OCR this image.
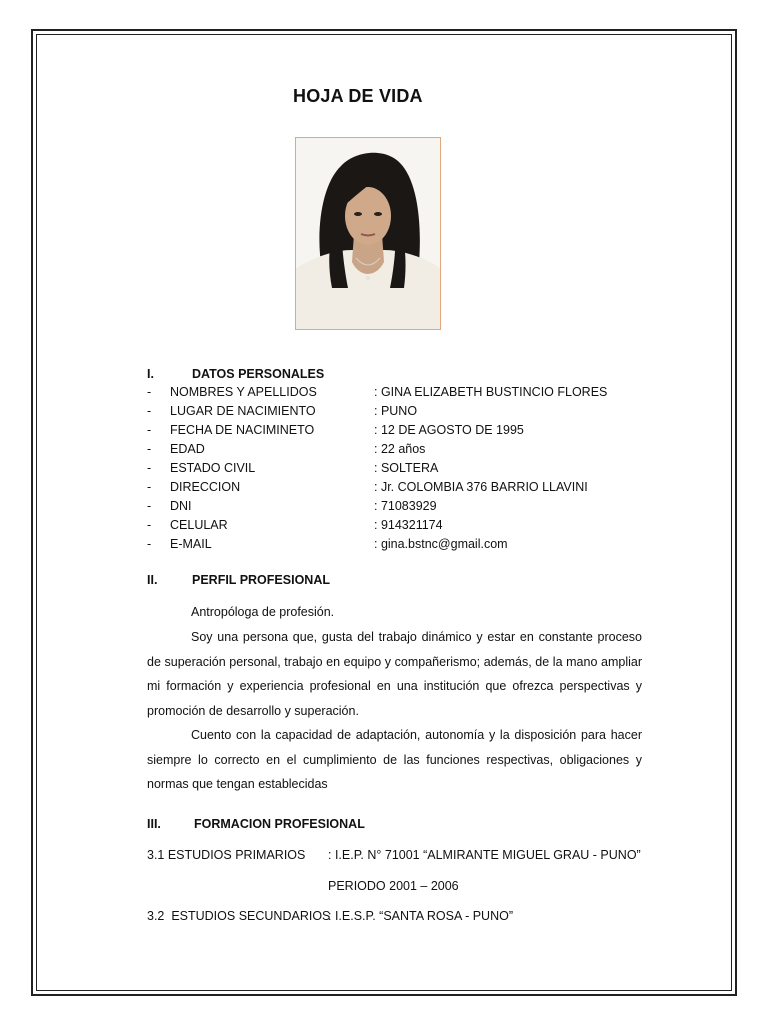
HOJA DE VIDA
I.	DATOS PERSONALES
- NOMBRES Y APELLIDOS	: GINA ELIZABETH BUSTINCIO FLORES
- LUGAR DE NACIMIENTO	: PUNO
- FECHA DE NACIMINETO	: 12 DE AGOSTO DE 1995
- EDAD	: 22 años
- ESTADO CIVIL	: SOLTERA
- DIRECCION	: Jr. COLOMBIA 376 BARRIO LLAVINI
- DNI	: 71083929
- CELULAR	: 914321174
- E-MAIL	: gina.bstnc@gmail.com
II.	PERFIL PROFESIONAL
Antropóloga de profesión.
Soy una persona que, gusta del trabajo dinámico y estar en constante proceso de superación personal, trabajo en equipo y compañerismo; además, de la mano ampliar mi formación y experiencia profesional en una institución que ofrezca perspectivas y promoción de desarrollo y superación.
Cuento con la capacidad de adaptación, autonomía y la disposición para hacer siempre lo correcto en el cumplimiento de las funciones respectivas, obligaciones y normas que tengan establecidas
III.	FORMACION PROFESIONAL
3.1 ESTUDIOS PRIMARIOS : I.E.P. N° 71001 “ALMIRANTE MIGUEL GRAU - PUNO”
PERIODO 2001 – 2006
3.2  ESTUDIOS SECUNDARIOS
: I.E.S.P. “SANTA ROSA - PUNO”
